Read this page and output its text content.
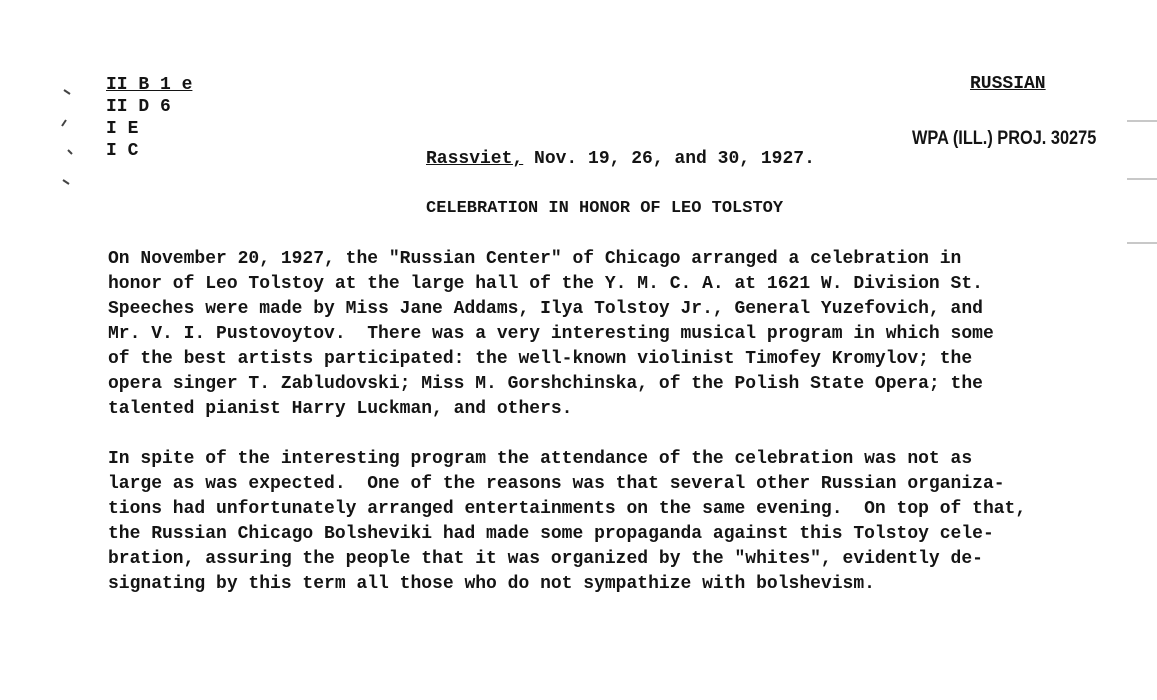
II B 1 e
II D 6
I E
I C
RUSSIAN
WPA (ILL.) PROJ. 30275
Rassviet, Nov. 19, 26, and 30, 1927.
CELEBRATION IN HONOR OF LEO TOLSTOY
On November 20, 1927, the "Russian Center" of Chicago arranged a celebration in
honor of Leo Tolstoy at the large hall of the Y. M. C. A. at 1621 W. Division St.
Speeches were made by Miss Jane Addams, Ilya Tolstoy Jr., General Yuzefovich, and
Mr. V. I. Pustovoytov.  There was a very interesting musical program in which some
of the best artists participated: the well-known violinist Timofey Kromylov; the
opera singer T. Zabludovski; Miss M. Gorshchinska, of the Polish State Opera; the
talented pianist Harry Luckman, and others.
In spite of the interesting program the attendance of the celebration was not as
large as was expected.  One of the reasons was that several other Russian organiza-
tions had unfortunately arranged entertainments on the same evening.  On top of that,
the Russian Chicago Bolsheviki had made some propaganda against this Tolstoy cele-
bration, assuring the people that it was organized by the "whites", evidently de-
signating by this term all those who do not sympathize with bolshevism.
